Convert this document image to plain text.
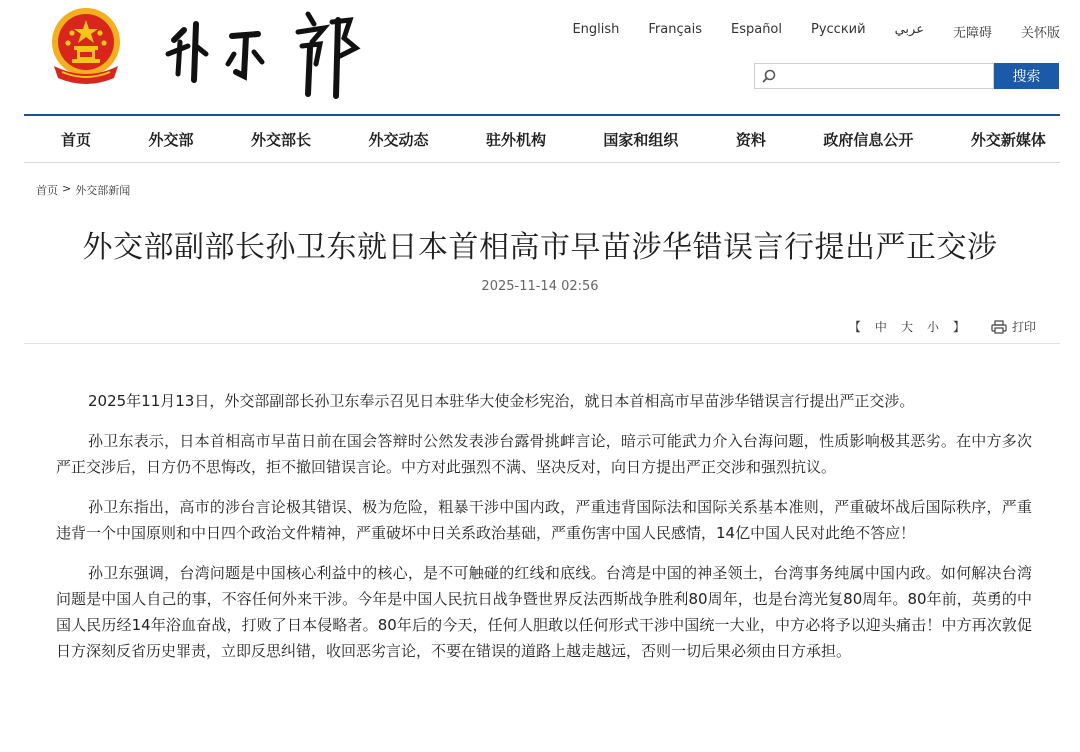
English Français Español Русский عربي 无障碍 关怀版
搜索
首页	外交部	外交部长	外交动态	驻外机构	国家和组织	资料	政府信息公开	外交新媒体
首页 > 外交部新闻
外交部副部长孙卫东就日本首相高市早苗涉华错误言行提出严正交涉
2025-11-14 02:56
【 中 大 小 】	打印

2025年11月13日，外交部副部长孙卫东奉示召见日本驻华大使金杉宪治，就日本首相高市早苗涉华错误言行提出严正交涉。

孙卫东表示，日本首相高市早苗日前在国会答辩时公然发表涉台露骨挑衅言论，暗示可能武力介入台海问题，性质影响极其恶劣。在中方多次严正交涉后，日方仍不思悔改，拒不撤回错误言论。中方对此强烈不满、坚决反对，向日方提出严正交涉和强烈抗议。

孙卫东指出，高市的涉台言论极其错误、极为危险，粗暴干涉中国内政，严重违背国际法和国际关系基本准则，严重破坏战后国际秩序，严重违背一个中国原则和中日四个政治文件精神，严重破坏中日关系政治基础，严重伤害中国人民感情，14亿中国人民对此绝不答应！

孙卫东强调，台湾问题是中国核心利益中的核心，是不可触碰的红线和底线。台湾是中国的神圣领土，台湾事务纯属中国内政。如何解决台湾问题是中国人自己的事，不容任何外来干涉。今年是中国人民抗日战争暨世界反法西斯战争胜利80周年，也是台湾光复80周年。80年前，英勇的中国人民历经14年浴血奋战，打败了日本侵略者。80年后的今天，任何人胆敢以任何形式干涉中国统一大业，中方必将予以迎头痛击！中方再次敦促日方深刻反省历史罪责，立即反思纠错，收回恶劣言论，不要在错误的道路上越走越远，否则一切后果必须由日方承担。
